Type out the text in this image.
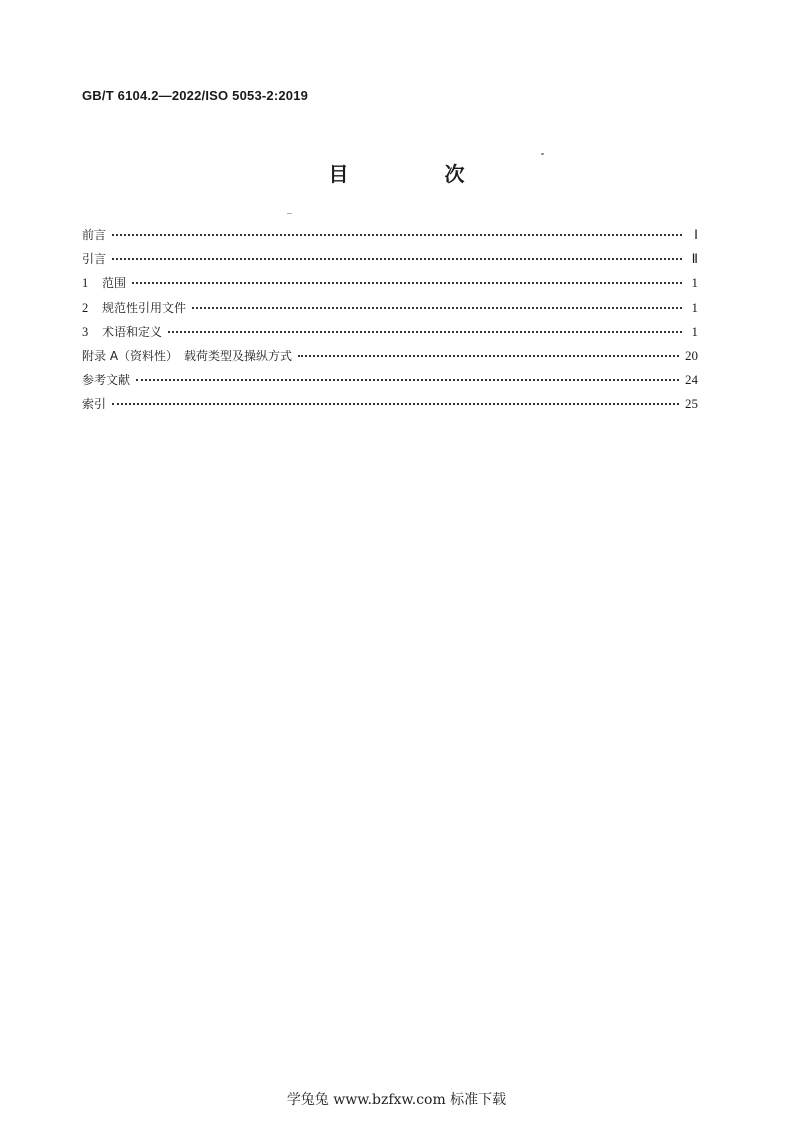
GB/T 6104.2—2022/ISO 5053-2:2019
目　次
前言	Ⅰ
引言	Ⅱ
1 范围	1
2 规范性引用文件	1
3 术语和定义	1
附录 A（资料性）　载荷类型及操纵方式	20
参考文献	24
索引	25
学兔兔 www.bzfxw.com 标准下载
